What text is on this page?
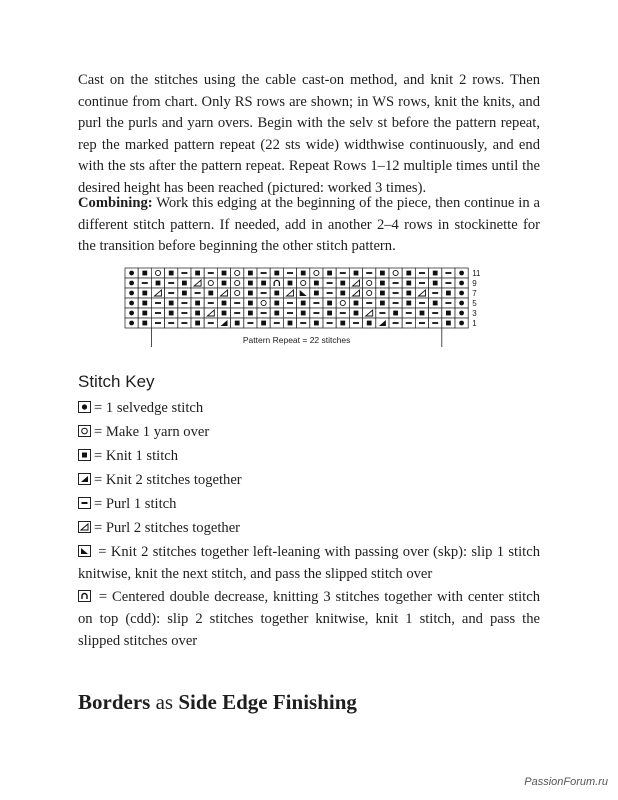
Cast on the stitches using the cable cast-on method, and knit 2 rows. Then continue from chart. Only RS rows are shown; in WS rows, knit the knits, and purl the purls and yarn overs. Begin with the selv st before the pattern repeat, rep the marked pattern repeat (22 sts wide) widthwise continuously, and end with the sts after the pattern repeat. Repeat Rows 1–12 multiple times until the desired height has been reached (pictured: worked 3 times).

Combining: Work this edging at the beginning of the piece, then continue in a different stitch pattern. If needed, add in another 2–4 rows in stockinette for the transition before beginning the other stitch pattern.

11
9
7
5
3
1
Pattern Repeat = 22 stitches
Stitch Key
= 1 selvedge stitch
= Make 1 yarn over
= Knit 1 stitch
= Knit 2 stitches together
= Purl 1 stitch
= Purl 2 stitches together
= Knit 2 stitches together left-leaning with passing over (skp): slip 1 stitch knitwise, knit the next stitch, and pass the slipped stitch over
= Centered double decrease, knitting 3 stitches together with center stitch on top (cdd): slip 2 stitches together knitwise, knit 1 stitch, and pass the slipped stitches over
Borders as Side Edge Finishing
PassionForum.ru
